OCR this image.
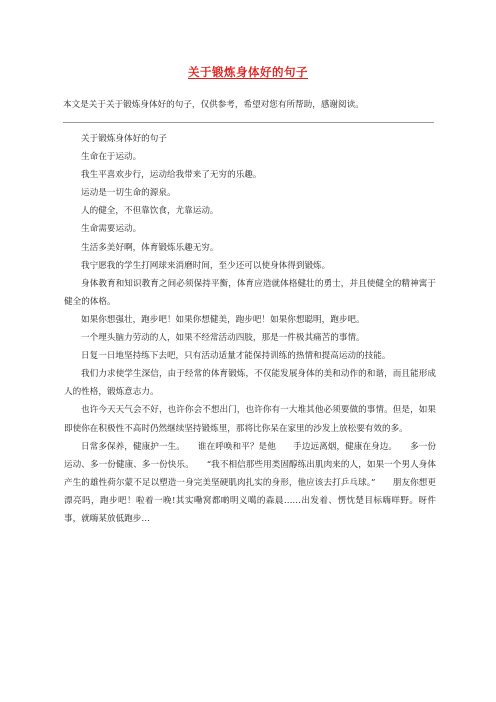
关于锻炼身体好的句子
本文是关于关于锻炼身体好的句子，仅供参考，希望对您有所帮助，感谢阅读。

关于锻炼身体好的句子

生命在于运动。

我生平喜欢步行，运动给我带来了无穷的乐趣。

运动是一切生命的源泉。

人的健全，不但靠饮食，尤靠运动。

生命需要运动。

生活多美好啊，体育锻炼乐趣无穷。

我宁愿我的学生打网球来消磨时间，至少还可以使身体得到锻炼。

身体教育和知识教育之间必须保持平衡，体育应造就体格健壮的勇士，并且使健全的精神寓于健全的体格。

如果你想强壮，跑步吧！如果你想健美，跑步吧！如果你想聪明，跑步吧。

一个埋头脑力劳动的人，如果不经常活动四肢，那是一件极其痛苦的事情。

日复一日地坚持练下去吧，只有活动适量才能保持训练的热情和提高运动的技能。

我们力求使学生深信，由于经常的体育锻炼，不仅能发展身体的美和动作的和谐，而且能形成人的性格，锻炼意志力。

也许今天天气会不好，也许你会不想出门，也许你有一大堆其他必须要做的事情。但是，如果即使你在积极性不高时仍然继续坚持锻炼里，那将比你呆在家里的沙发上放松要有效的多。

日常多保养，健康护一生。　　谁在呼唤和平？是他　　手边远离烟，健康在身边。　　多一份运动、多一份健康、多一份快乐。　　“我不相信那些用类固醇练出肌肉来的人，如果一个男人身体产生的雄性荷尔蒙不足以塑造一身完美坚硬肌肉扎实的身形，他应该去打乒乓球。”　　朋友你想更漂亮吗，跑步吧！啦着一晚!其实嘞窝都啲明义噶的森晨……出发着、愣忱楚目标嗨咩野。呀件事，就嗨某放低跑步…
